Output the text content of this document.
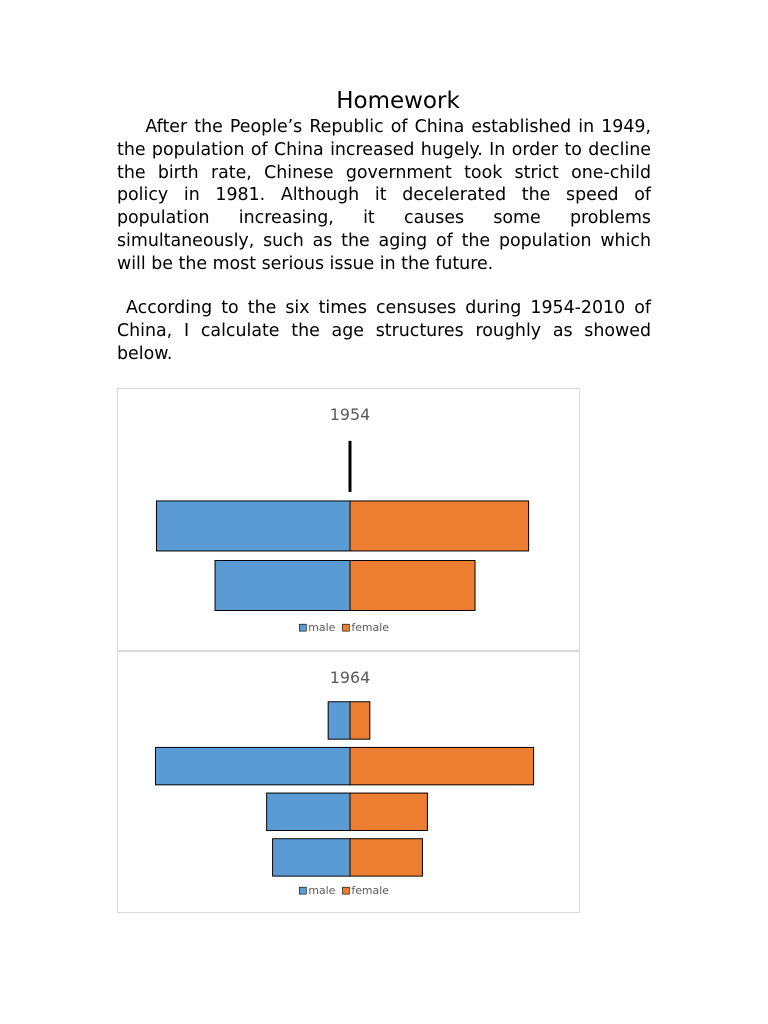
Homework

After the People’s Republic of China established in 1949, the population of China increased hugely. In order to decline the birth rate, Chinese government took strict one-child policy in 1981. Although it decelerated the speed of population increasing, it causes some problems simultaneously, such as the aging of the population which will be the most serious issue in the future.

According to the six times censuses during 1954-2010 of China, I calculate the age structures roughly as showed below.

1954
male female
1964
male female
